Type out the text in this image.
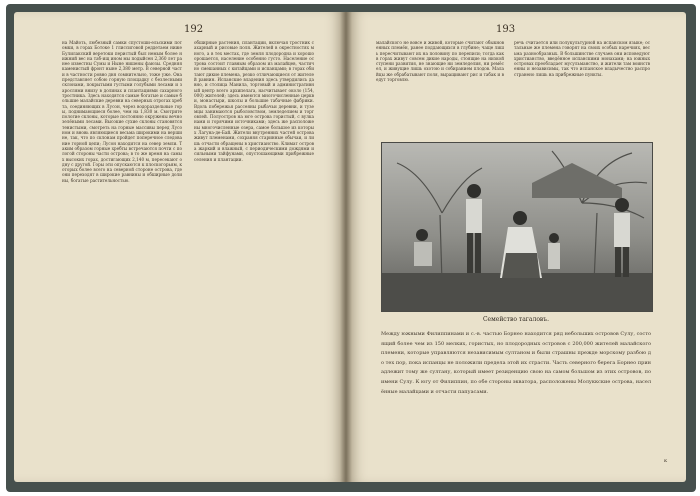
192

на Майоть, любезный самки спустоши-ельскими потомки, в горах Ботоке 1 глиссиговой реддетаем ниже Булилакский веретоки перистый был немым более нижний вес на таб-ищ ином мы подыйсен 2,360 лет ранее известны Сумы и Ныне нишены фаюзы. Средняя каменистый фронт ныне 2,380 метр. В северной части в частности ровно дня сомнительно, тоже уже. Она представляет собою горную площадку с безлесными склонами, покрытыми густыми голубыми лесами и зарослями внизу в долинах и плантациями сахарного тростника. Здесь находятся самые богатые и самые большие малайские деревни на северных отрогах хребта, соединяющих в Лусон, через водораздельные горы, поднимающиеся более, чем на 1,830 м. Смотрите пологие склоны, которые постоянно окружены вечнозелёными лесами. Высокие сухие склоны становятся тенистыми, смотреть на горные массивы перед Лусоном и вновь являющиеся весьма широкими на вершине, так, что по склонам пройдет поперечное следование горной цепи; Лусон находится на север земли. Таким образом горные хребты встречаются почти с пологой стороны части острова; в то же время на самых высоких горах, достигающих 2,140 м, пересекают одну с другой. Горы эти опускаются к плоскогорьям, которых более всего на северной стороне острова, где они переходят в широкие равнины и обширные долины, богатые растительностью.

обширные растения, плантации, включая тростник сахарный и рисовые поля. Жителей в окрестностях много, а в тех местах, где земля плодородна и хорошо орошается, население особенно густо. Население острова состоит главным образом из малайцев, частично смешанных с китайцами и испанцами; в горах обитают дикие племена, резко отличающиеся от жителей равнин. Испанские владения здесь утвердились давно, и столица Манила, торговый и административный центр всего архипелага, насчитывает около (154,000) жителей; здесь имеются многочисленные церкви, монастыри, школы и большие табачные фабрики. Вдоль побережья рассеяны рыбачьи деревни, и туземцы занимаются рыболовством, земледелием и торговлей. Полуостров на юге острова гористый, с вулканами и горячими источниками; здесь же расположены многочисленные озера, самое большое из которых Лагуна-де-Бай. Жители внутренних частей острова живут племенами, сохраняя старинные обычаи, и лишь отчасти обращены в христианство. Климат острова жаркий и влажный, с периодическими дождями и сильными тайфунами, опустошающими прибрежные селения и плантации.

193

малайского не вовсе и живой, которые считают обыкновенных племён, ранее поддающихся в глубине; чаще лишь пересчитывают их на половину по переписи; тогда как в горах живут совсем дикие народы, стоящие на низкой ступени развития, не знающие ни земледелия, ни ремёсел, и живущие лишь охотою и собиранием плодов. Малайцы же обрабатывают поля, выращивают рис и табак и ведут торговлю.

речь считается или полукультурной на испанском языке; остальные же племена говорят на своих особых наречиях, весьма разнообразных. В большинстве случаев они исповедуют христианство, введённое испанскими монахами; на южных островах преобладает мусульманство, и жители там воинственны и независимы, так что испанское владычество распространено лишь на прибрежные пункты.

Семейство тагаловъ.

Между южными Филиппинами и с.-в. частью Борнео находится ряд небольших островов Сулу, состоящий более чем из 150 мелких, гористых, но плодородных островов с 200,000 жителей малайского племени, которые управляются независимым султаном и были страшны прежде морскому разбою до тех пор, пока испанцы не положили предела этой их страсти. Часть северного берега Борнео принадлежит тому же султану, который имеет резиденцию свою на самом большом из этих островов, по имени Сулу. К югу от Филиппин, по обе стороны экватора, расположены Молуккские острова, населённые малайцами и отчасти папуасами.

к
